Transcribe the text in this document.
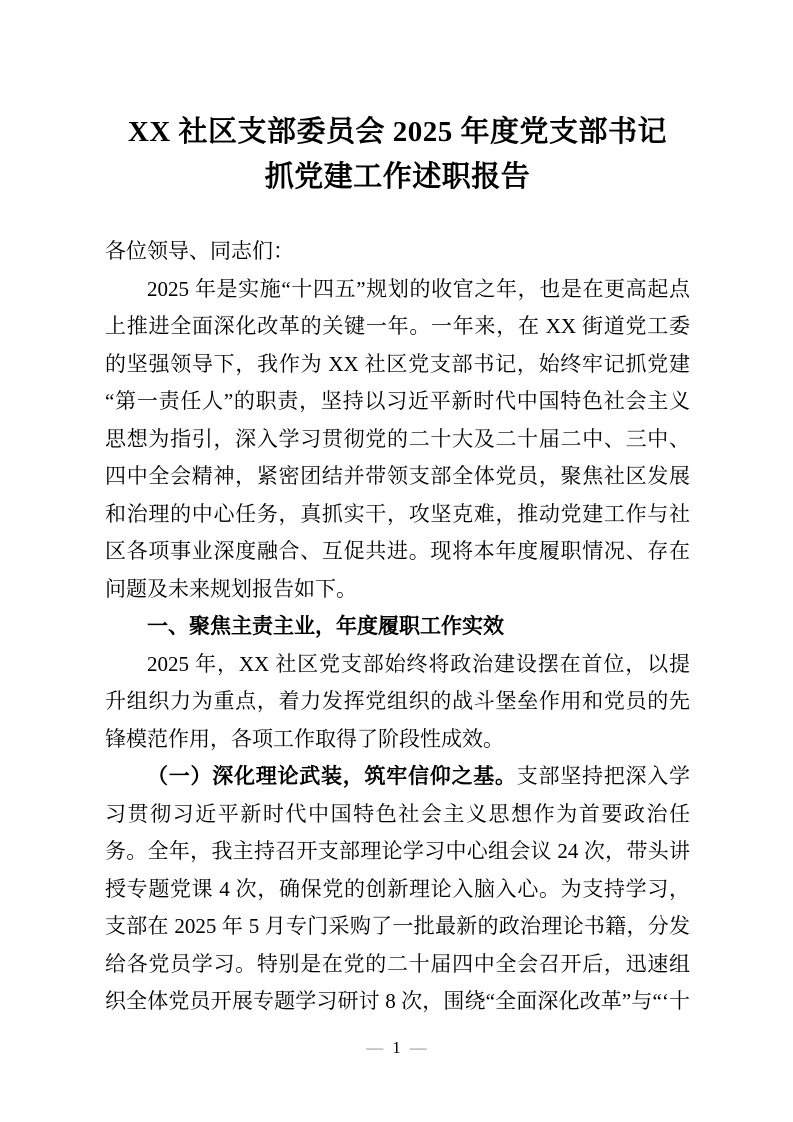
XX 社区支部委员会 2025 年度党支部书记
抓党建工作述职报告

各位领导、同志们：

2025 年是实施“十四五”规划的收官之年，也是在更高起点上推进全面深化改革的关键一年。一年来，在 XX 街道党工委的坚强领导下，我作为 XX 社区党支部书记，始终牢记抓党建“第一责任人”的职责，坚持以习近平新时代中国特色社会主义思想为指引，深入学习贯彻党的二十大及二十届二中、三中、四中全会精神，紧密团结并带领支部全体党员，聚焦社区发展和治理的中心任务，真抓实干，攻坚克难，推动党建工作与社区各项事业深度融合、互促共进。现将本年度履职情况、存在问题及未来规划报告如下。

一、聚焦主责主业，年度履职工作实效

2025 年，XX 社区党支部始终将政治建设摆在首位，以提升组织力为重点，着力发挥党组织的战斗堡垒作用和党员的先锋模范作用，各项工作取得了阶段性成效。

（一）深化理论武装，筑牢信仰之基。支部坚持把深入学习贯彻习近平新时代中国特色社会主义思想作为首要政治任务。全年，我主持召开支部理论学习中心组会议 24 次，带头讲授专题党课 4 次，确保党的创新理论入脑入心。为支持学习，支部在 2025 年 5 月专门采购了一批最新的政治理论书籍，分发给各党员学习。特别是在党的二十届四中全会召开后，迅速组织全体党员开展专题学习研讨 8 次，围绕“全面深化改革”与“‘十

— 1 —
